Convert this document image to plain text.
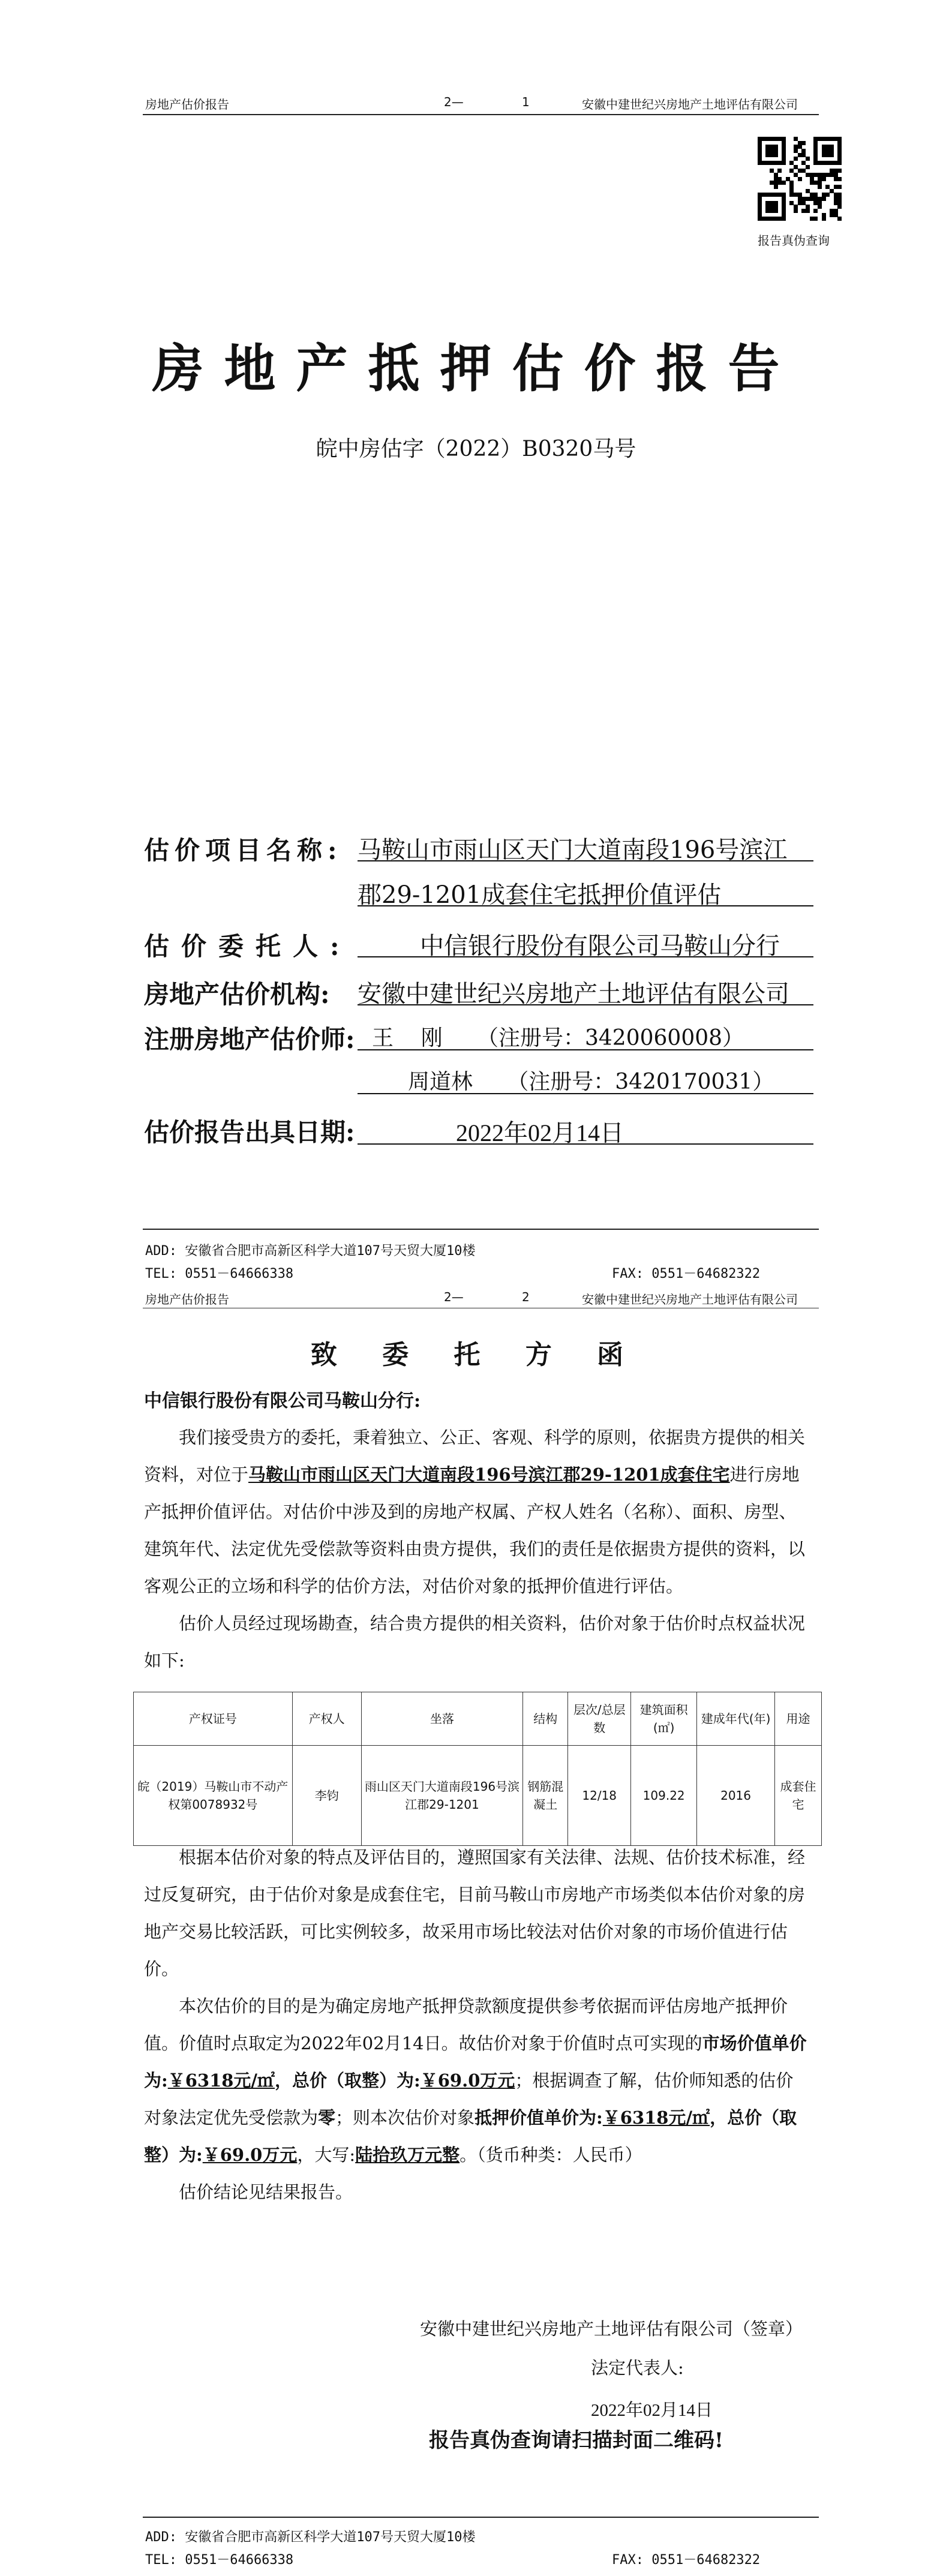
房地产估价报告	2—	1	安徽中建世纪兴房地产土地评估有限公司
报告真伪查询
房地产抵押估价报告
皖中房估字（2022）B0320马号
估价项目名称: 马鞍山市雨山区天门大道南段196号滨江
郡29-1201成套住宅抵押价值评估
估价委托人:	中信银行股份有限公司马鞍山分行
房地产估价机构: 安徽中建世纪兴房地产土地评估有限公司
注册房地产估价师: 王    刚     （注册号：3420060008）
周道林     （注册号：3420170031）
估价报告出具日期:	2022年02月14日
ADD: 安徽省合肥市高新区科学大道107号天贸大厦10楼
TEL: 0551－64666338	FAX: 0551－64682322
房地产估价报告	2—	2	安徽中建世纪兴房地产土地评估有限公司
致 委 托 方 函
中信银行股份有限公司马鞍山分行:

我们接受贵方的委托，秉着独立、公正、客观、科学的原则，依据贵方提供的相关资料，对位于马鞍山市雨山区天门大道南段196号滨江郡29-1201成套住宅进行房地产抵押价值评估。对估价中涉及到的房地产权属、产权人姓名（名称）、面积、房型、建筑年代、法定优先受偿款等资料由贵方提供，我们的责任是依据贵方提供的资料，以客观公正的立场和科学的估价方法，对估价对象的抵押价值进行评估。

估价人员经过现场勘查，结合贵方提供的相关资料，估价对象于估价时点权益状况如下:

产权证号	产权人	坐落	结构	层次/总层数	建筑面积(㎡)	建成年代(年)	用途
皖（2019）马鞍山市不动产权第0078932号	李钧	雨山区天门大道南段196号滨江郡29-1201	钢筋混凝土	12/18	109.22	2016	成套住宅

根据本估价对象的特点及评估目的，遵照国家有关法律、法规、估价技术标准，经过反复研究，由于估价对象是成套住宅，目前马鞍山市房地产市场类似本估价对象的房地产交易比较活跃，可比实例较多，故采用市场比较法对估价对象的市场价值进行估价。

本次估价的目的是为确定房地产抵押贷款额度提供参考依据而评估房地产抵押价值。价值时点取定为2022年02月14日。故估价对象于价值时点可实现的市场价值单价为:￥6318元/㎡，总价（取整）为:￥69.0万元；根据调查了解，估价师知悉的估价对象法定优先受偿款为零；则本次估价对象抵押价值单价为:￥6318元/㎡，总价（取整）为:￥69.0万元，大写:陆拾玖万元整。（货币种类：人民币）

估价结论见结果报告。

安徽中建世纪兴房地产土地评估有限公司（签章）
法定代表人:
2022年02月14日
报告真伪查询请扫描封面二维码!
ADD: 安徽省合肥市高新区科学大道107号天贸大厦10楼
TEL: 0551－64666338	FAX: 0551－64682322
